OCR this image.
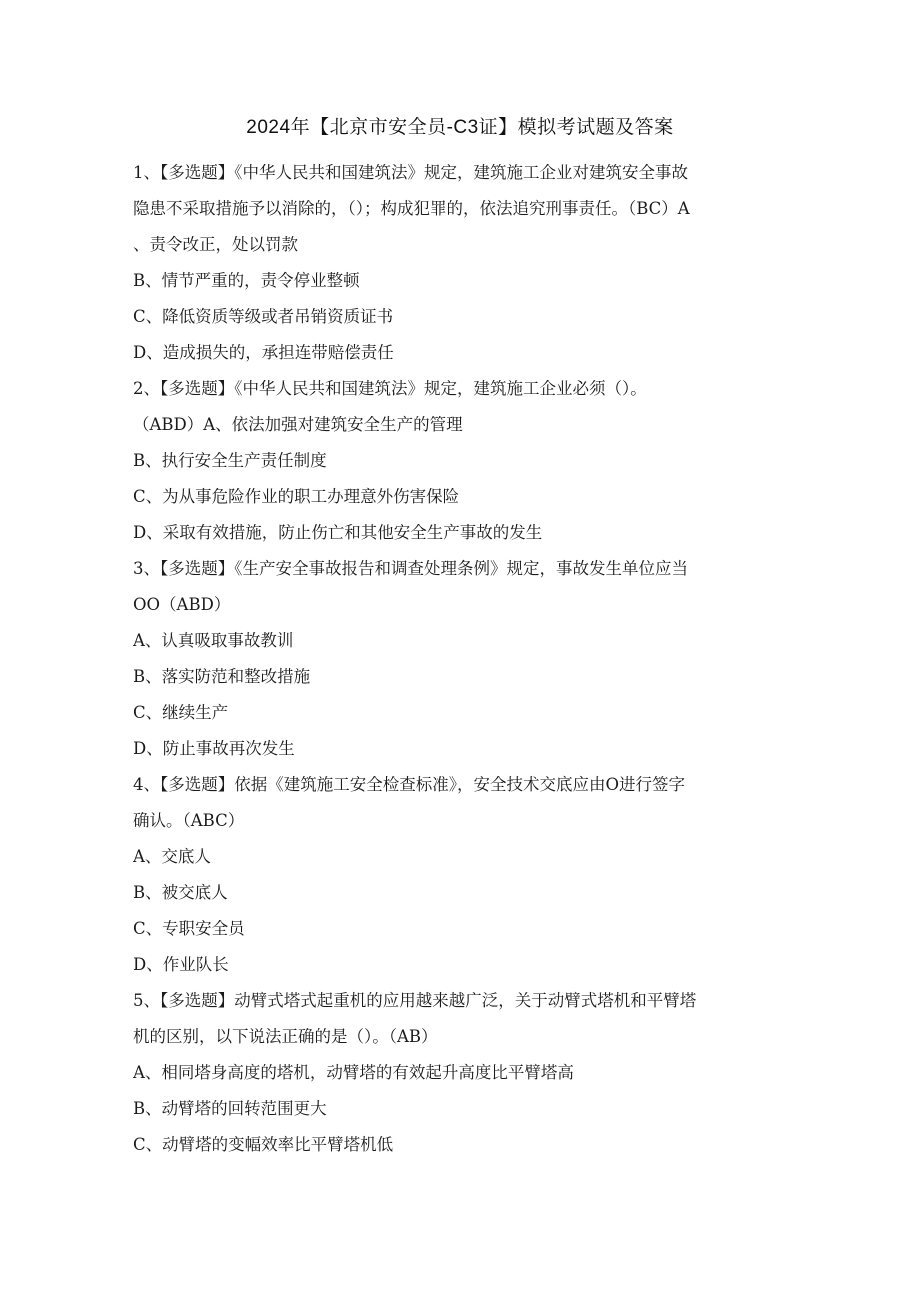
2024年【北京市安全员-C3证】模拟考试题及答案
1、【多选题】《中华人民共和国建筑法》规定，建筑施工企业对建筑安全事故
隐患不采取措施予以消除的，（）；构成犯罪的，依法追究刑事责任。（BC）A
、责令改正，处以罚款
B、情节严重的，责令停业整顿
C、降低资质等级或者吊销资质证书
D、造成损失的，承担连带赔偿责任
2、【多选题】《中华人民共和国建筑法》规定，建筑施工企业必须（）。
（ABD）A、依法加强对建筑安全生产的管理
B、执行安全生产责任制度
C、为从事危险作业的职工办理意外伤害保险
D、采取有效措施，防止伤亡和其他安全生产事故的发生
3、【多选题】《生产安全事故报告和调查处理条例》规定，事故发生单位应当
OO（ABD）
A、认真吸取事故教训
B、落实防范和整改措施
C、继续生产
D、防止事故再次发生
4、【多选题】依据《建筑施工安全检查标准》，安全技术交底应由O进行签字
确认。（ABC）
A、交底人
B、被交底人
C、专职安全员
D、作业队长
5、【多选题】动臂式塔式起重机的应用越来越广泛，关于动臂式塔机和平臂塔
机的区别，以下说法正确的是（）。（AB）
A、相同塔身高度的塔机，动臂塔的有效起升高度比平臂塔高
B、动臂塔的回转范围更大
C、动臂塔的变幅效率比平臂塔机低
